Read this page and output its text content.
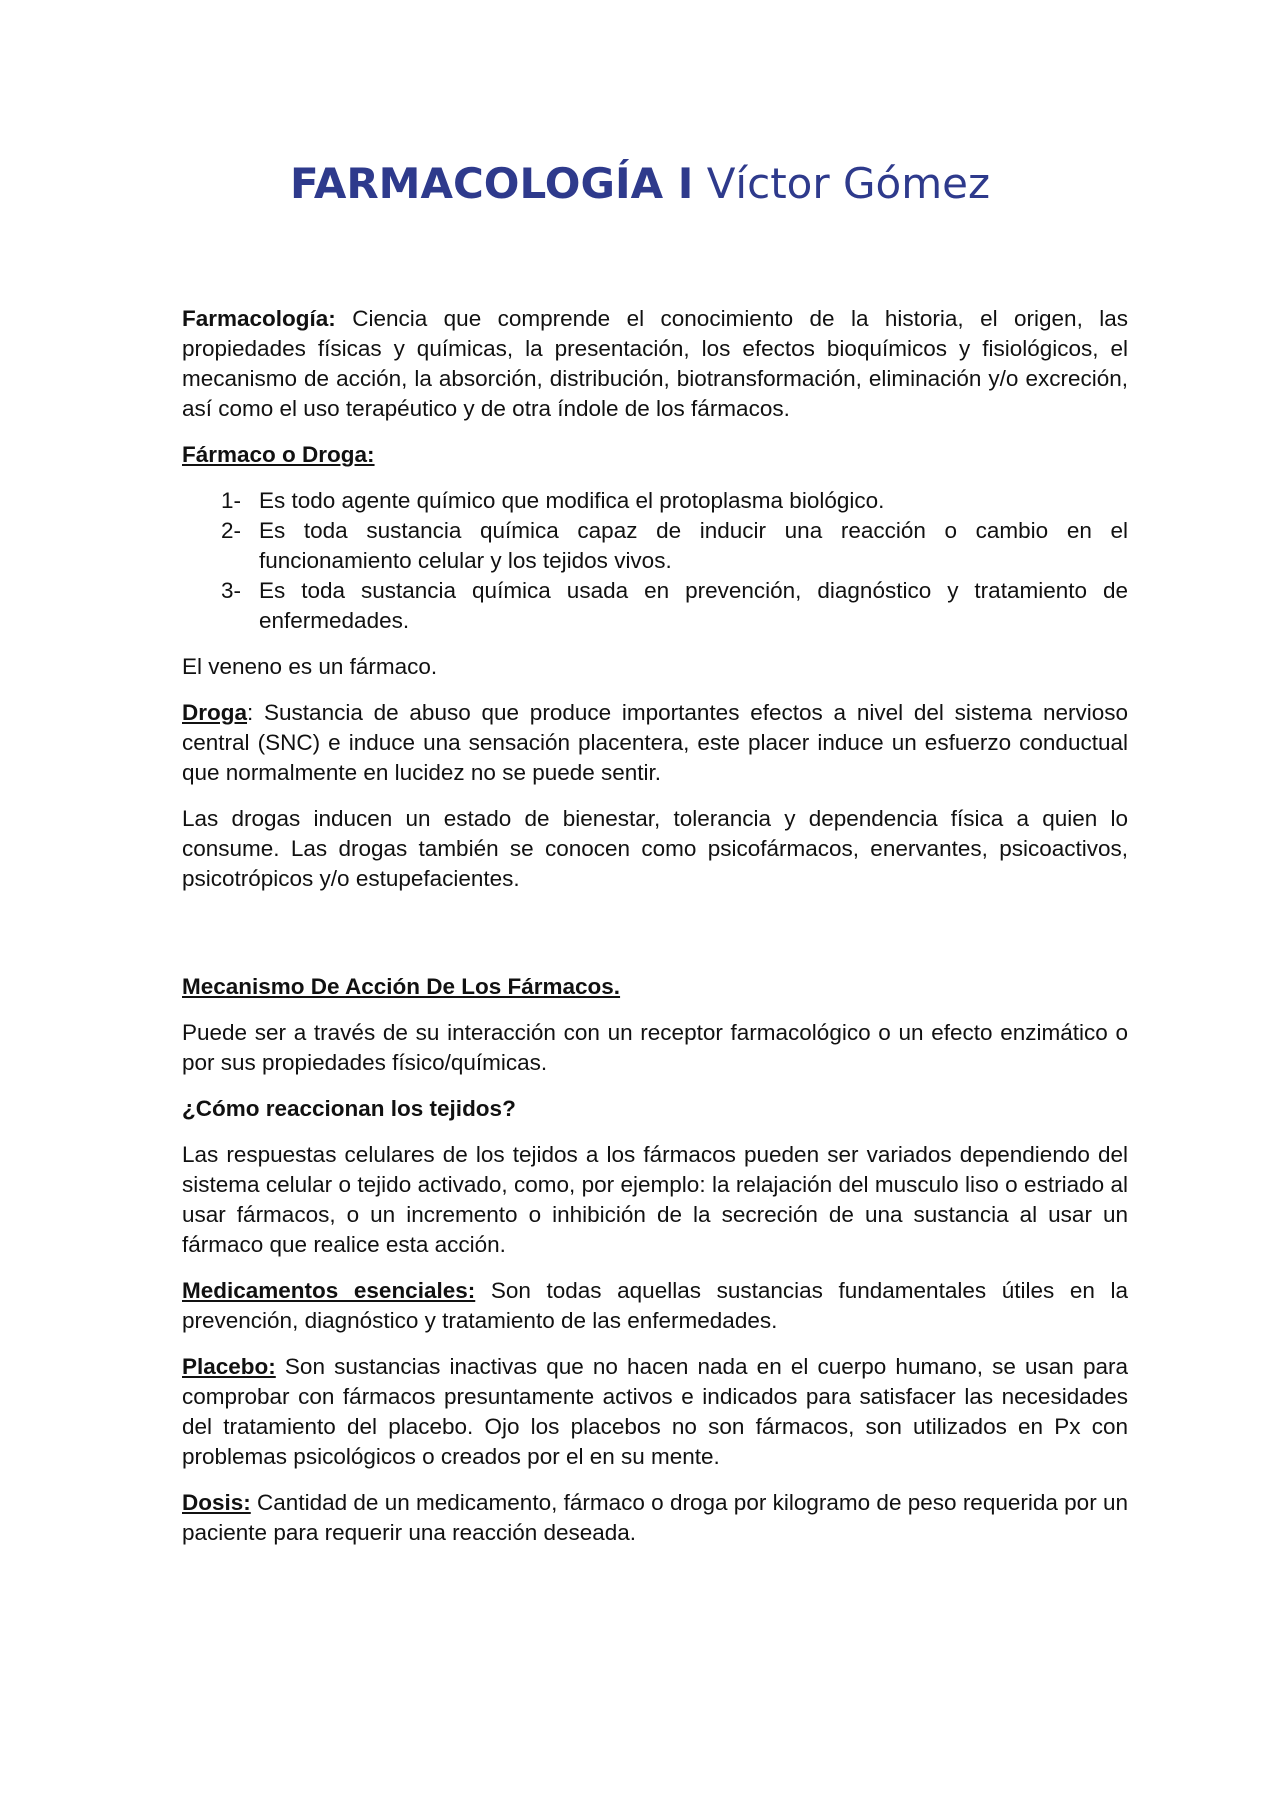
FARMACOLOGÍA I Víctor Gómez

Farmacología: Ciencia que comprende el conocimiento de la historia, el origen, las propiedades físicas y químicas, la presentación, los efectos bioquímicos y fisiológicos, el mecanismo de acción, la absorción, distribución, biotransformación, eliminación y/o excreción, así como el uso terapéutico y de otra índole de los fármacos.

Fármaco o Droga:

1- Es todo agente químico que modifica el protoplasma biológico.
2- Es toda sustancia química capaz de inducir una reacción o cambio en el funcionamiento celular y los tejidos vivos.
3- Es toda sustancia química usada en prevención, diagnóstico y tratamiento de enfermedades.

El veneno es un fármaco.

Droga: Sustancia de abuso que produce importantes efectos a nivel del sistema nervioso central (SNC) e induce una sensación placentera, este placer induce un esfuerzo conductual que normalmente en lucidez no se puede sentir.

Las drogas inducen un estado de bienestar, tolerancia y dependencia física a quien lo consume. Las drogas también se conocen como psicofármacos, enervantes, psicoactivos, psicotrópicos y/o estupefacientes.

Mecanismo De Acción De Los Fármacos.

Puede ser a través de su interacción con un receptor farmacológico o un efecto enzimático o por sus propiedades físico/químicas.

¿Cómo reaccionan los tejidos?

Las respuestas celulares de los tejidos a los fármacos pueden ser variados dependiendo del sistema celular o tejido activado, como, por ejemplo: la relajación del musculo liso o estriado al usar fármacos, o un incremento o inhibición de la secreción de una sustancia al usar un fármaco que realice esta acción.

Medicamentos esenciales: Son todas aquellas sustancias fundamentales útiles en la prevención, diagnóstico y tratamiento de las enfermedades.

Placebo: Son sustancias inactivas que no hacen nada en el cuerpo humano, se usan para comprobar con fármacos presuntamente activos e indicados para satisfacer las necesidades del tratamiento del placebo. Ojo los placebos no son fármacos, son utilizados en Px con problemas psicológicos o creados por el en su mente.

Dosis: Cantidad de un medicamento, fármaco o droga por kilogramo de peso requerida por un paciente para requerir una reacción deseada.
